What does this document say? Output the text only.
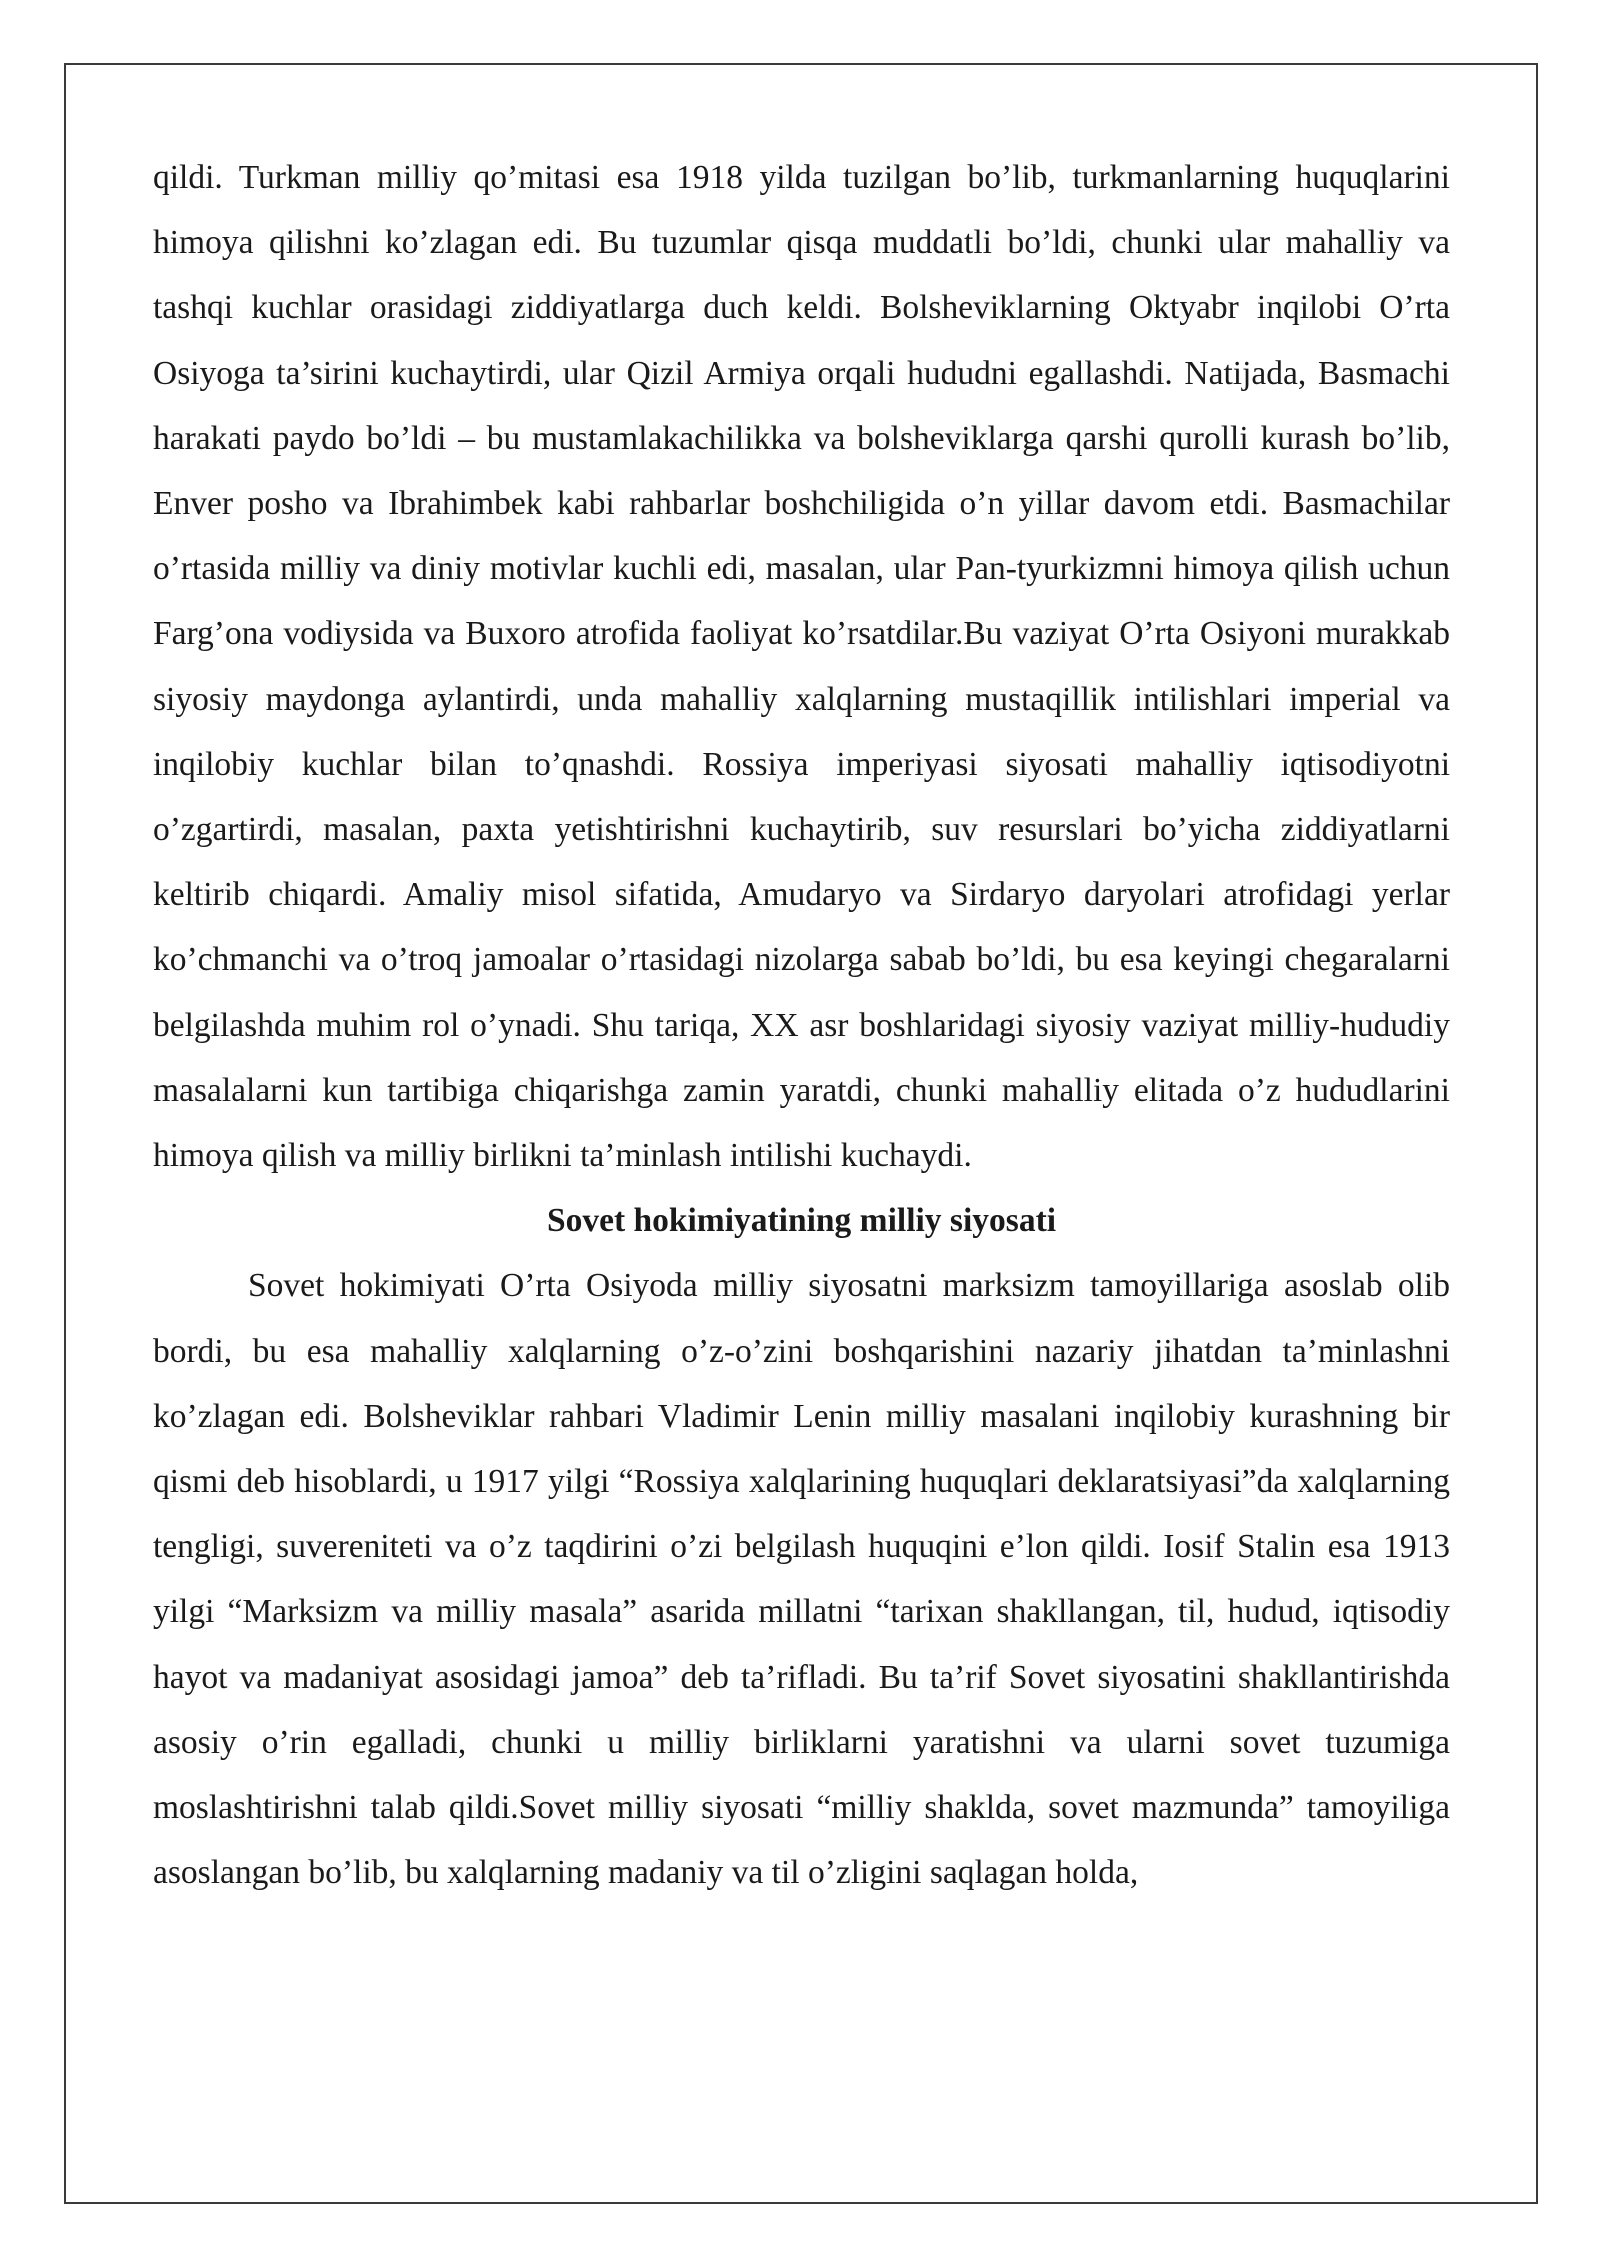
qildi. Turkman milliy qo’mitasi esa 1918 yilda tuzilgan bo’lib, turkmanlarning huquqlarini himoya qilishni ko’zlagan edi. Bu tuzumlar qisqa muddatli bo’ldi, chunki ular mahalliy va tashqi kuchlar orasidagi ziddiyatlarga duch keldi. Bolsheviklarning Oktyabr inqilobi O’rta Osiyoga ta’sirini kuchaytirdi, ular Qizil Armiya orqali hududni egallashdi. Natijada, Basmachi harakati paydo bo’ldi – bu mustamlakachilikka va bolsheviklarga qarshi qurolli kurash bo’lib, Enver posho va Ibrahimbek kabi rahbarlar boshchiligida o’n yillar davom etdi. Basmachilar o’rtasida milliy va diniy motivlar kuchli edi, masalan, ular Pan-tyurkizmni himoya qilish uchun Farg’ona vodiysida va Buxoro atrofida faoliyat ko’rsatdilar.Bu vaziyat O’rta Osiyoni murakkab siyosiy maydonga aylantirdi, unda mahalliy xalqlarning mustaqillik intilishlari imperial va inqilobiy kuchlar bilan to’qnashdi. Rossiya imperiyasi siyosati mahalliy iqtisodiyotni o’zgartirdi, masalan, paxta yetishtirishni kuchaytirib, suv resurslari bo’yicha ziddiyatlarni keltirib chiqardi. Amaliy misol sifatida, Amudaryo va Sirdaryo daryolari atrofidagi yerlar ko’chmanchi va o’troq jamoalar o’rtasidagi nizolarga sabab bo’ldi, bu esa keyingi chegaralarni belgilashda muhim rol o’ynadi. Shu tariqa, XX asr boshlaridagi siyosiy vaziyat milliy-hududiy masalalarni kun tartibiga chiqarishga zamin yaratdi, chunki mahalliy elitada o’z hududlarini himoya qilish va milliy birlikni ta’minlash intilishi kuchaydi.

Sovet hokimiyatining milliy siyosati

Sovet hokimiyati O’rta Osiyoda milliy siyosatni marksizm tamoyillariga asoslab olib bordi, bu esa mahalliy xalqlarning o’z-o’zini boshqarishini nazariy jihatdan ta’minlashni ko’zlagan edi. Bolsheviklar rahbari Vladimir Lenin milliy masalani inqilobiy kurashning bir qismi deb hisoblardi, u 1917 yilgi “Rossiya xalqlarining huquqlari deklaratsiyasi”da xalqlarning tengligi, suvereniteti va o’z taqdirini o’zi belgilash huquqini e’lon qildi. Iosif Stalin esa 1913 yilgi “Marksizm va milliy masala” asarida millatni “tarixan shakllangan, til, hudud, iqtisodiy hayot va madaniyat asosidagi jamoa” deb ta’rifladi. Bu ta’rif Sovet siyosatini shakllantirishda asosiy o’rin egalladi, chunki u milliy birliklarni yaratishni va ularni sovet tuzumiga moslashtirishni talab qildi.Sovet milliy siyosati “milliy shaklda, sovet mazmunda” tamoyiliga asoslangan bo’lib, bu xalqlarning madaniy va til o’zligini saqlagan holda,
